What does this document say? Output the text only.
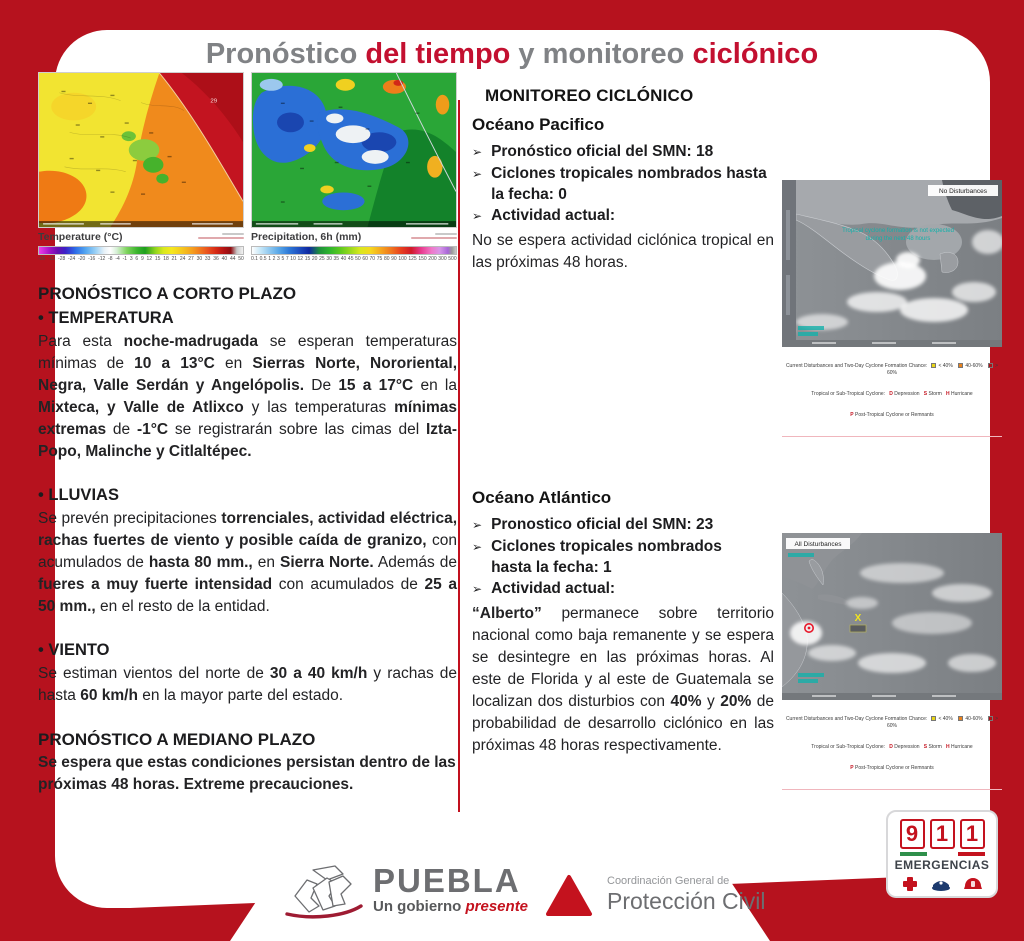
Pronóstico del tiempo y monitoreo ciclónico
29
Temperature (°C)
-36 -32 -28 -24 -20 -16 -12 -8 -4 -1 3 6 9 12 15 18 21 24 27 30 33 36 40 44 50
Precipitation, 6h (mm)
0.1 0.5 1 2 3 5 7 10 12 15 20 25 30 35 40 45 50 60 70 75 80 90 100 125 150 200 300 500
PRONÓSTICO A CORTO PLAZO
• TEMPERATURA
Para esta noche-madrugada se esperan temperaturas mínimas de 10 a 13°C en Sierras Norte, Nororiental, Negra, Valle Serdán y Angelópolis. De 15 a 17°C en la Mixteca, y Valle de Atlixco y las temperaturas mínimas extremas de -1°C se registrarán sobre las cimas del Izta-Popo, Malinche y Citlaltépec.
• LLUVIAS
Se prevén precipitaciones torrenciales, actividad eléctrica, rachas fuertes de viento y posible caída de granizo, con acumulados de hasta 80 mm., en Sierra Norte. Además de fueres a muy fuerte intensidad con acumulados de 25 a 50 mm., en el resto de la entidad.
• VIENTO
Se estiman vientos del norte de 30 a 40 km/h y rachas de hasta 60 km/h en la mayor parte del estado.
PRONÓSTICO A MEDIANO PLAZO
Se espera que estas condiciones persistan dentro de las próximas 48 horas. Extreme precauciones.
MONITOREO CICLÓNICO
Océano Pacifico
➢ Pronóstico oficial del SMN: 18
➢ Ciclones tropicales nombrados hasta la fecha: 0
➢ Actividad actual:
No se espera actividad ciclónica tropical en las próximas 48 horas.
No Disturbances
Tropical cyclone formation is not expected
during the next 48 hours

Current Disturbances and Two-Day Cyclone Formation Chance:   < 40%    40-60%    > 60%

Tropical or Sub-Tropical Cyclone:   D Depression   S Storm   H Hurricane

P Post-Tropical Cyclone or Remnants

Océano Atlántico
➢ Pronostico oficial del SMN: 23
➢ Ciclones tropicales nombrados hasta la fecha: 1
➢ Actividad actual:
“Alberto” permanece sobre territorio nacional como baja remanente y se espera se desintegre en las próximas horas. Al este de Florida y al este de Guatemala se localizan dos disturbios con 40% y 20% de probabilidad de desarrollo ciclónico en las próximas 48 horas respectivamente.
X
All Disturbances

Current Disturbances and Two-Day Cyclone Formation Chance:   < 40%    40-60%    > 60%

Tropical or Sub-Tropical Cyclone:   D Depression   S Storm   H Hurricane

P Post-Tropical Cyclone or Remnants

PUEBLA
Un gobierno presente
Coordinación General de
Protección Civil
9 1 1
EMERGENCIAS
